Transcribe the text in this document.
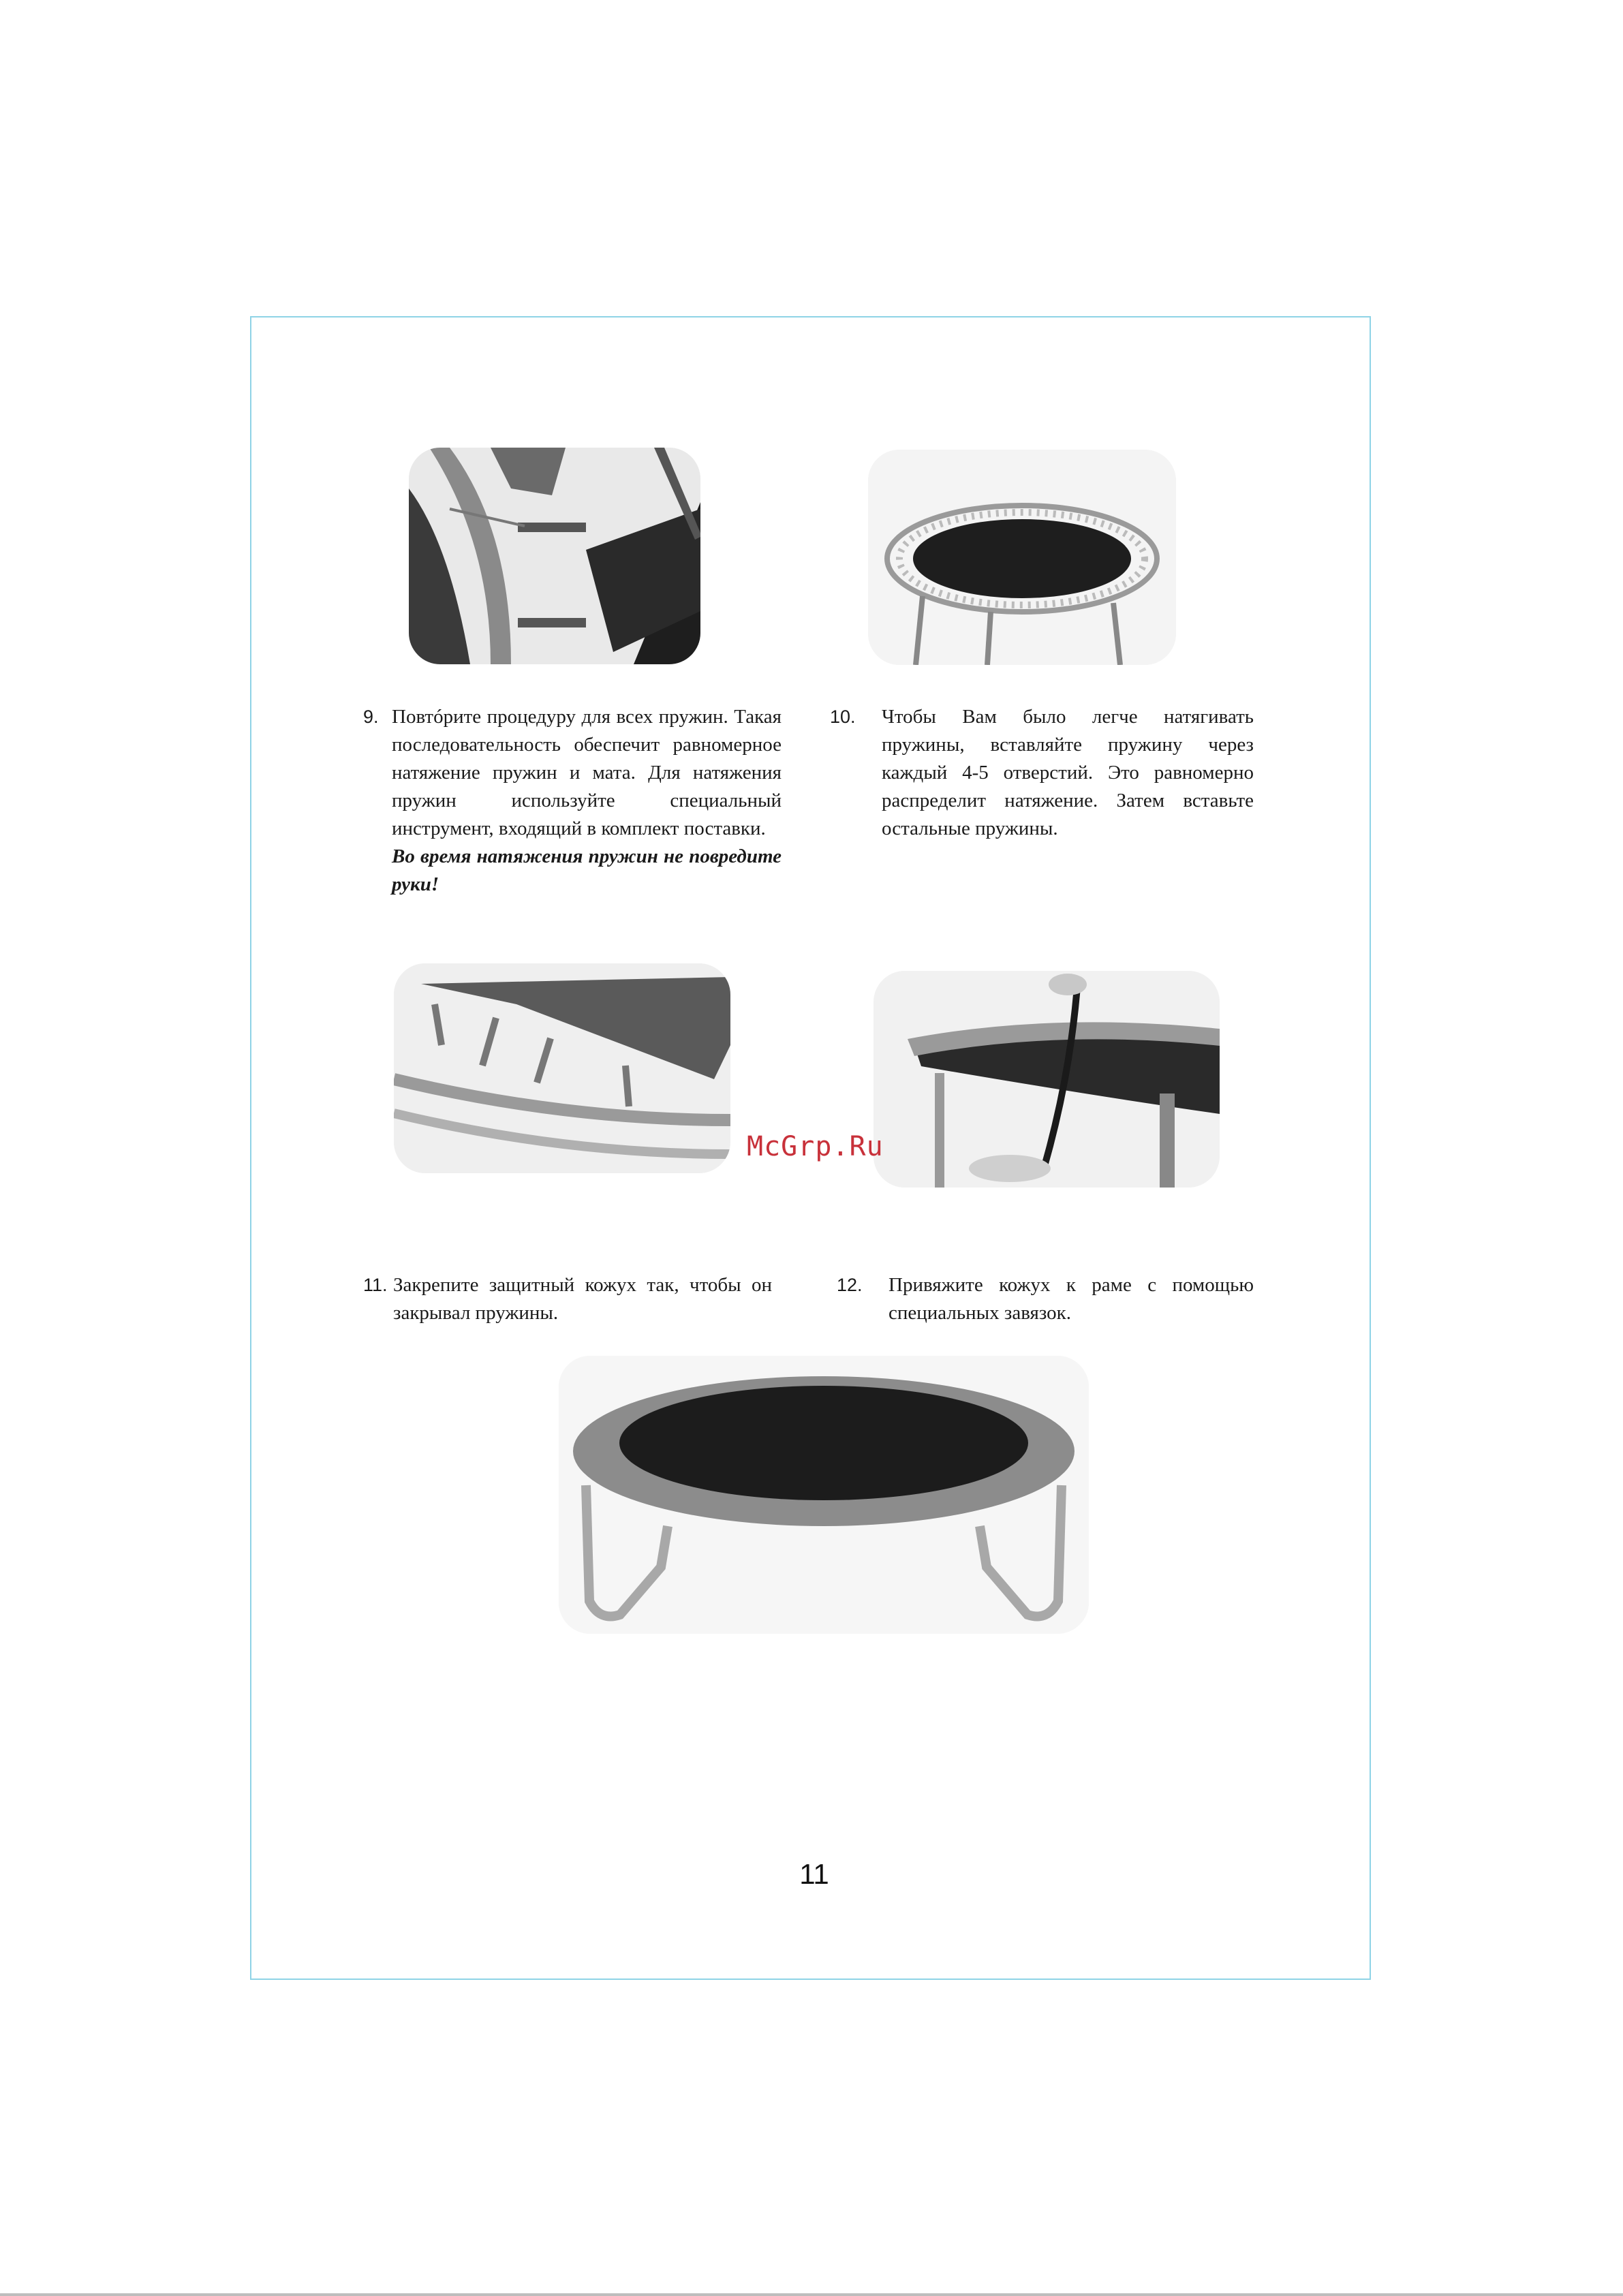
9. Повтóрите процедуру для всех пружин. Такая последовательность обеспечит равномерное натяжение пружин и мата. Для натяжения пружин используйте специальный инструмент, входящий в комплект поставки.
Во время натяжения пружин не повредите руки!
10. Чтобы Вам было легче натягивать пружины, вставляйте пружину через каждый 4-5 отверстий. Это равномерно распределит натяжение. Затем вставьте остальные пружины.
11. Закрепите защитный кожух так, чтобы он закрывал пружины.
12. Привяжите кожух к раме с помощью специальных завязок.
McGrp.Ru
11
